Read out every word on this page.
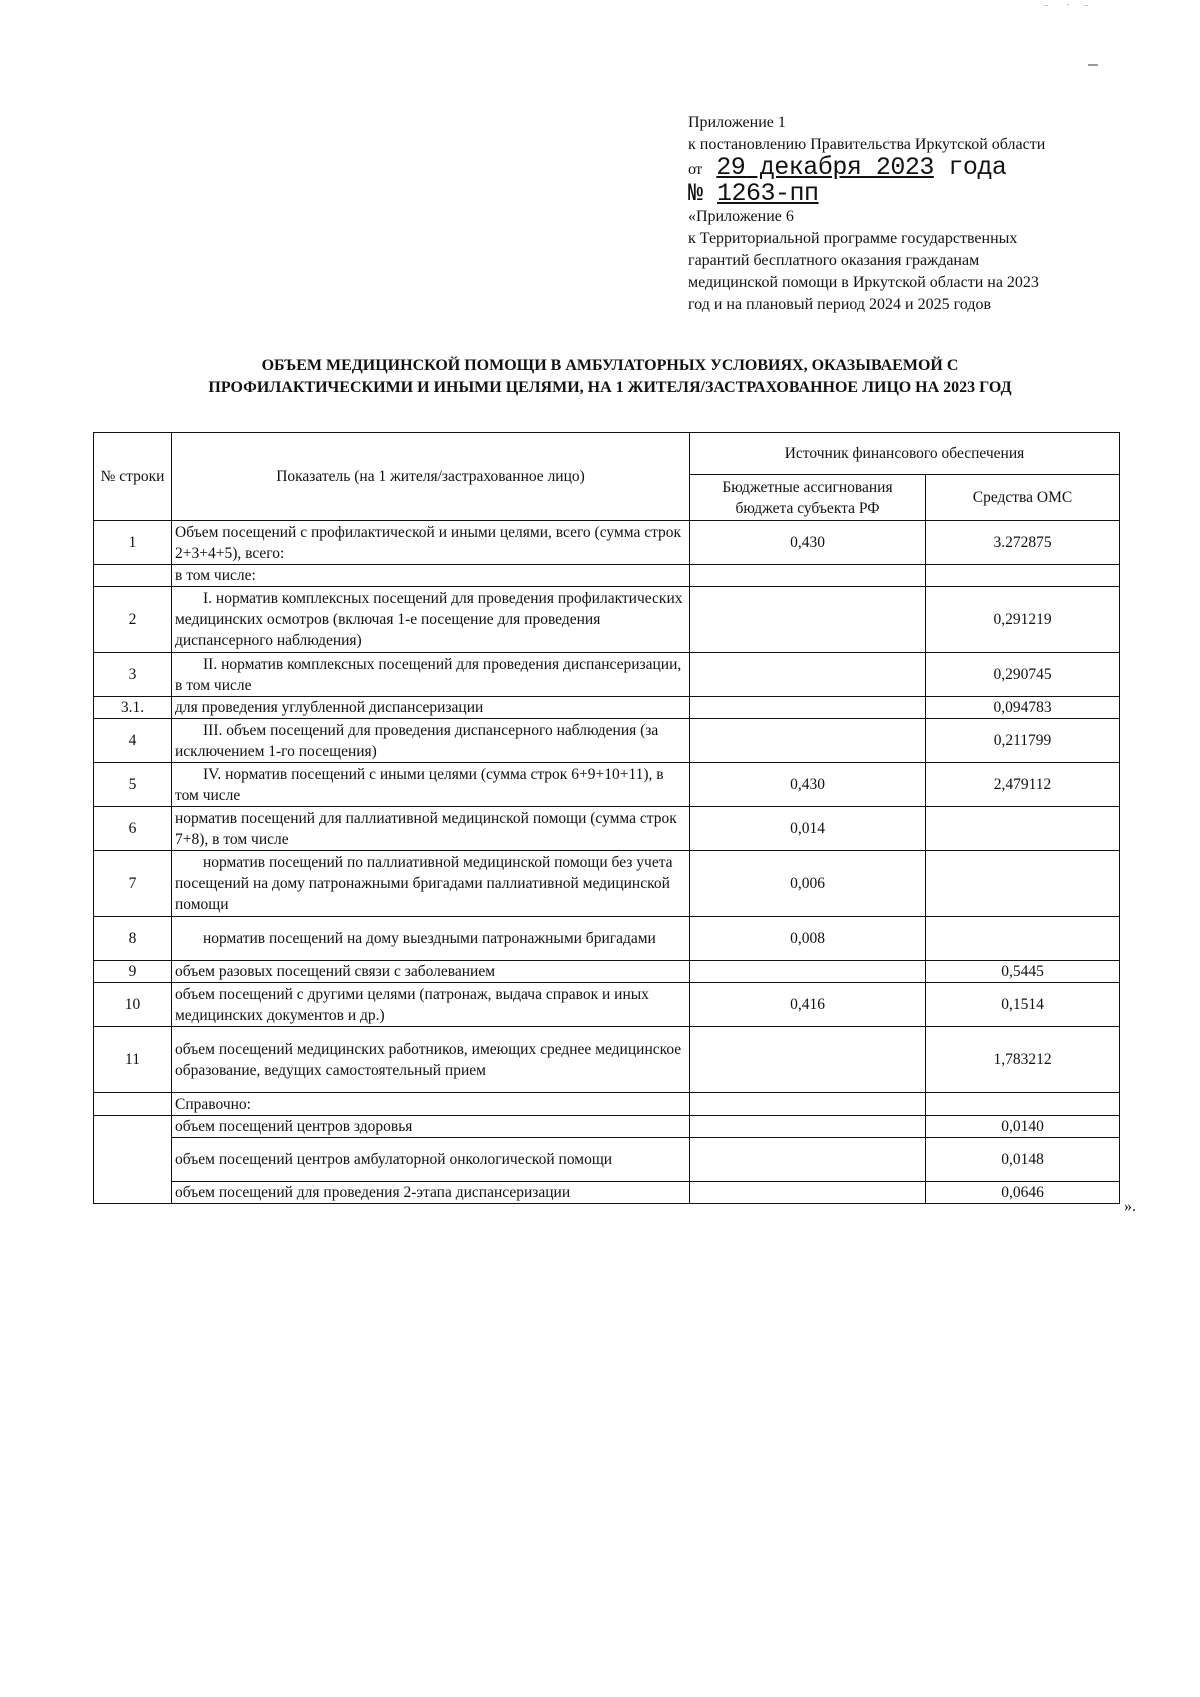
Приложение 1
к постановлению Правительства Иркутской области
от 29 декабря 2023 года
№ 1263-пп
«Приложение 6
к Территориальной программе государственных
гарантий бесплатного оказания гражданам
медицинской помощи в Иркутской области на 2023
год и на плановый период 2024 и 2025 годов
ОБЪЕМ МЕДИЦИНСКОЙ ПОМОЩИ В АМБУЛАТОРНЫХ УСЛОВИЯХ, ОКАЗЫВАЕМОЙ С
ПРОФИЛАКТИЧЕСКИМИ И ИНЫМИ ЦЕЛЯМИ, НА 1 ЖИТЕЛЯ/ЗАСТРАХОВАННОЕ ЛИЦО НА 2023 ГОД
№ строки	Показатель (на 1 жителя/застрахованное лицо)	Источник финансового обеспечения	
		Бюджетные ассигнования бюджета субъекта РФ	Средства ОМС
1	Объем посещений с профилактической и иными целями, всего (сумма строк 2+3+4+5), всего:	0,430	3.272875
	в том числе:		
2	I. норматив комплексных посещений для проведения профилактических медицинских осмотров (включая 1-е посещение для проведения диспансерного наблюдения)		0,291219
3	II. норматив комплексных посещений для проведения диспансеризации, в том числе		0,290745
3.1.	для проведения углубленной диспансеризации		0,094783
4	III. объем посещений для проведения диспансерного наблюдения (за исключением 1-го посещения)		0,211799
5	IV. норматив посещений с иными целями (сумма строк 6+9+10+11), в том числе	0,430	2,479112
6	норматив посещений для паллиативной медицинской помощи (сумма строк 7+8), в том числе	0,014	
7	норматив посещений по паллиативной медицинской помощи без учета посещений на дому патронажными бригадами паллиативной медицинской помощи	0,006	
8	норматив посещений на дому выездными патронажными бригадами	0,008	
9	объем разовых посещений связи с заболеванием		0,5445
10	объем посещений с другими целями (патронаж, выдача справок и иных медицинских документов и др.)	0,416	0,1514
11	объем посещений медицинских работников, имеющих среднее медицинское образование, ведущих самостоятельный прием		1,783212
	Справочно:		
	объем посещений центров здоровья		0,0140
	объем посещений центров амбулаторной онкологической помощи		0,0148
	объем посещений для проведения 2-этапа диспансеризации		0,0646
».
